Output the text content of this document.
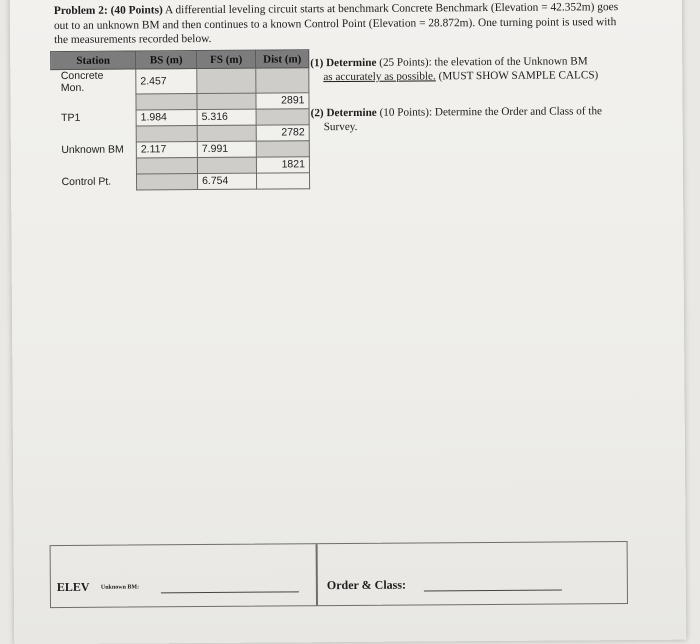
Problem 2: (40 Points) A differential leveling circuit starts at benchmark Concrete Benchmark (Elevation = 42.352m) goes out to an unknown BM and then continues to a known Control Point (Elevation = 28.872m). One turning point is used with the measurements recorded below.
Station	BS (m)	FS (m)	Dist (m)
Concrete Mon.	2.457		
			2891
TP1	1.984	5.316	
			2782
Unknown BM	2.117	7.991	
			1821
Control Pt.		6.754	
(1) Determine (25 Points): the elevation of the Unknown BM
as accurately as possible. (MUST SHOW SAMPLE CALCS)
(2) Determine (10 Points): Determine the Order and Class of the
Survey.
ELEV Unknown BM:	Order & Class:
